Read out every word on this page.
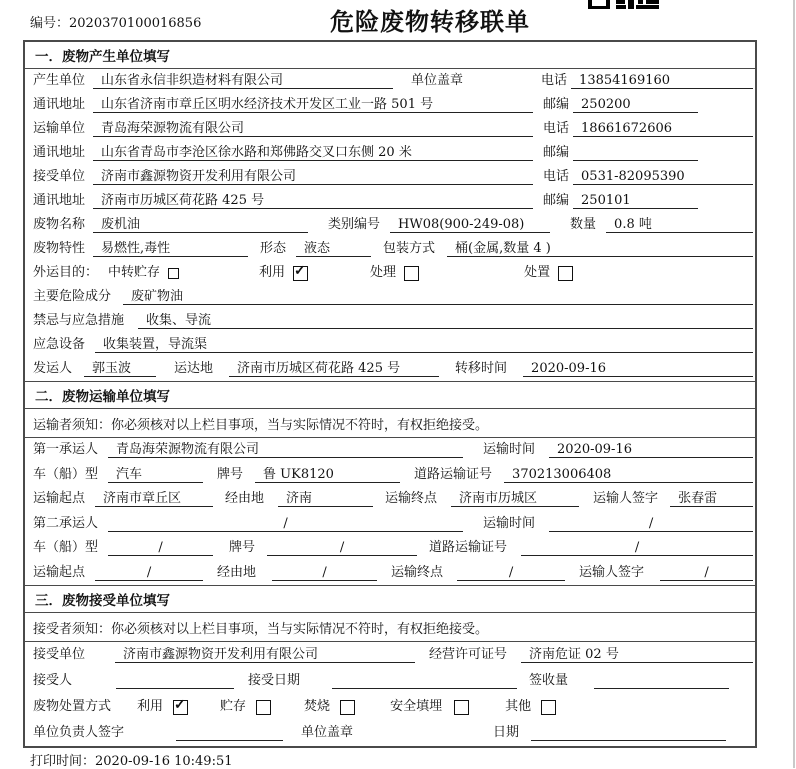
编号：2020370100016856	危险废物转移联单
一．废物产生单位填写
产生单位	山东省永信非织造材料有限公司	单位盖章	电话 13854169160
通讯地址	山东省济南市章丘区明水经济技术开发区工业一路 501 号	邮编 250200
运输单位	青岛海荣源物流有限公司	电话 18661672606
通讯地址	山东省青岛市李沧区徐水路和郑佛路交叉口东侧 20 米	邮编
接受单位	济南市鑫源物资开发利用有限公司	电话 0531-82095390
通讯地址	济南市历城区荷花路 425 号	邮编 250101
废物名称	废机油	类别编号	HW08(900-249-08)	数量	0.8 吨
废物特性	易燃性,毒性	形态	液态	包装方式	桶(金属,数量 4 )
外运目的： 中转贮存	利用 ✓	处理	处置
主要危险成分	废矿物油
禁忌与应急措施	收集、导流
应急设备	收集装置，导流渠
发运人	郭玉波	运达地	济南市历城区荷花路 425 号	转移时间	2020-09-16
二．废物运输单位填写
运输者须知：你必须核对以上栏目事项，当与实际情况不符时，有权拒绝接受。
第一承运人	青岛海荣源物流有限公司	运输时间	2020-09-16
车（船）型	汽车	牌号	鲁 UK8120	道路运输证号	370213006408
运输起点	济南市章丘区	经由地	济南	运输终点	济南市历城区	运输人签字	张春雷
第二承运人	/	运输时间	/
车（船）型	/	牌号	/	道路运输证号	/
运输起点	/	经由地	/	运输终点	/	运输人签字	/
三．废物接受单位填写
接受者须知：你必须核对以上栏目事项，当与实际情况不符时，有权拒绝接受。
接受单位	济南市鑫源物资开发利用有限公司	经营许可证号	济南危证 02 号
接受人	接受日期	签收量
废物处置方式 利用 ✓	贮存	焚烧	安全填埋	其他
单位负责人签字	单位盖章	日期
打印时间：2020-09-16 10:49:51
